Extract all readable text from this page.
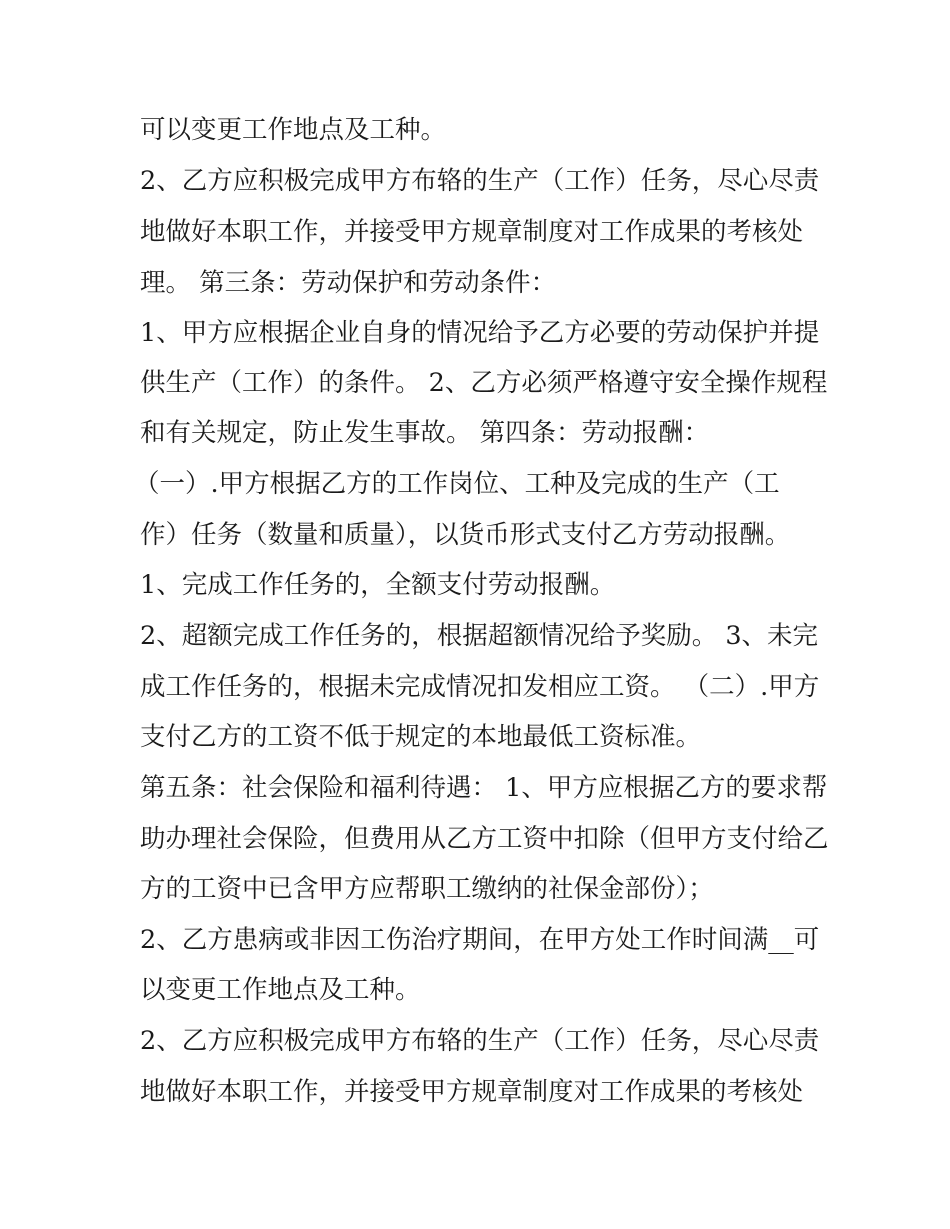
可以变更工作地点及工种。
2、乙方应积极完成甲方布辂的生产（工作）任务，尽心尽责
地做好本职工作，并接受甲方规章制度对工作成果的考核处
理。 第三条：劳动保护和劳动条件：
1、甲方应根据企业自身的情况给予乙方必要的劳动保护并提
供生产（工作）的条件。 2、乙方必须严格遵守安全操作规程
和有关规定，防止发生事故。 第四条：劳动报酬：
（一）.甲方根据乙方的工作岗位、工种及完成的生产（工
作）任务（数量和质量），以货币形式支付乙方劳动报酬。
1、完成工作任务的，全额支付劳动报酬。
2、超额完成工作任务的，根据超额情况给予奖励。 3、未完
成工作任务的，根据未完成情况扣发相应工资。 （二）.甲方
支付乙方的工资不低于规定的本地最低工资标准。
第五条：社会保险和福利待遇： 1、甲方应根据乙方的要求帮
助办理社会保险，但费用从乙方工资中扣除（但甲方支付给乙
方的工资中已含甲方应帮职工缴纳的社保金部份）；
2、乙方患病或非因工伤治疗期间，在甲方处工作时间满__可
以变更工作地点及工种。
2、乙方应积极完成甲方布辂的生产（工作）任务，尽心尽责
地做好本职工作，并接受甲方规章制度对工作成果的考核处
